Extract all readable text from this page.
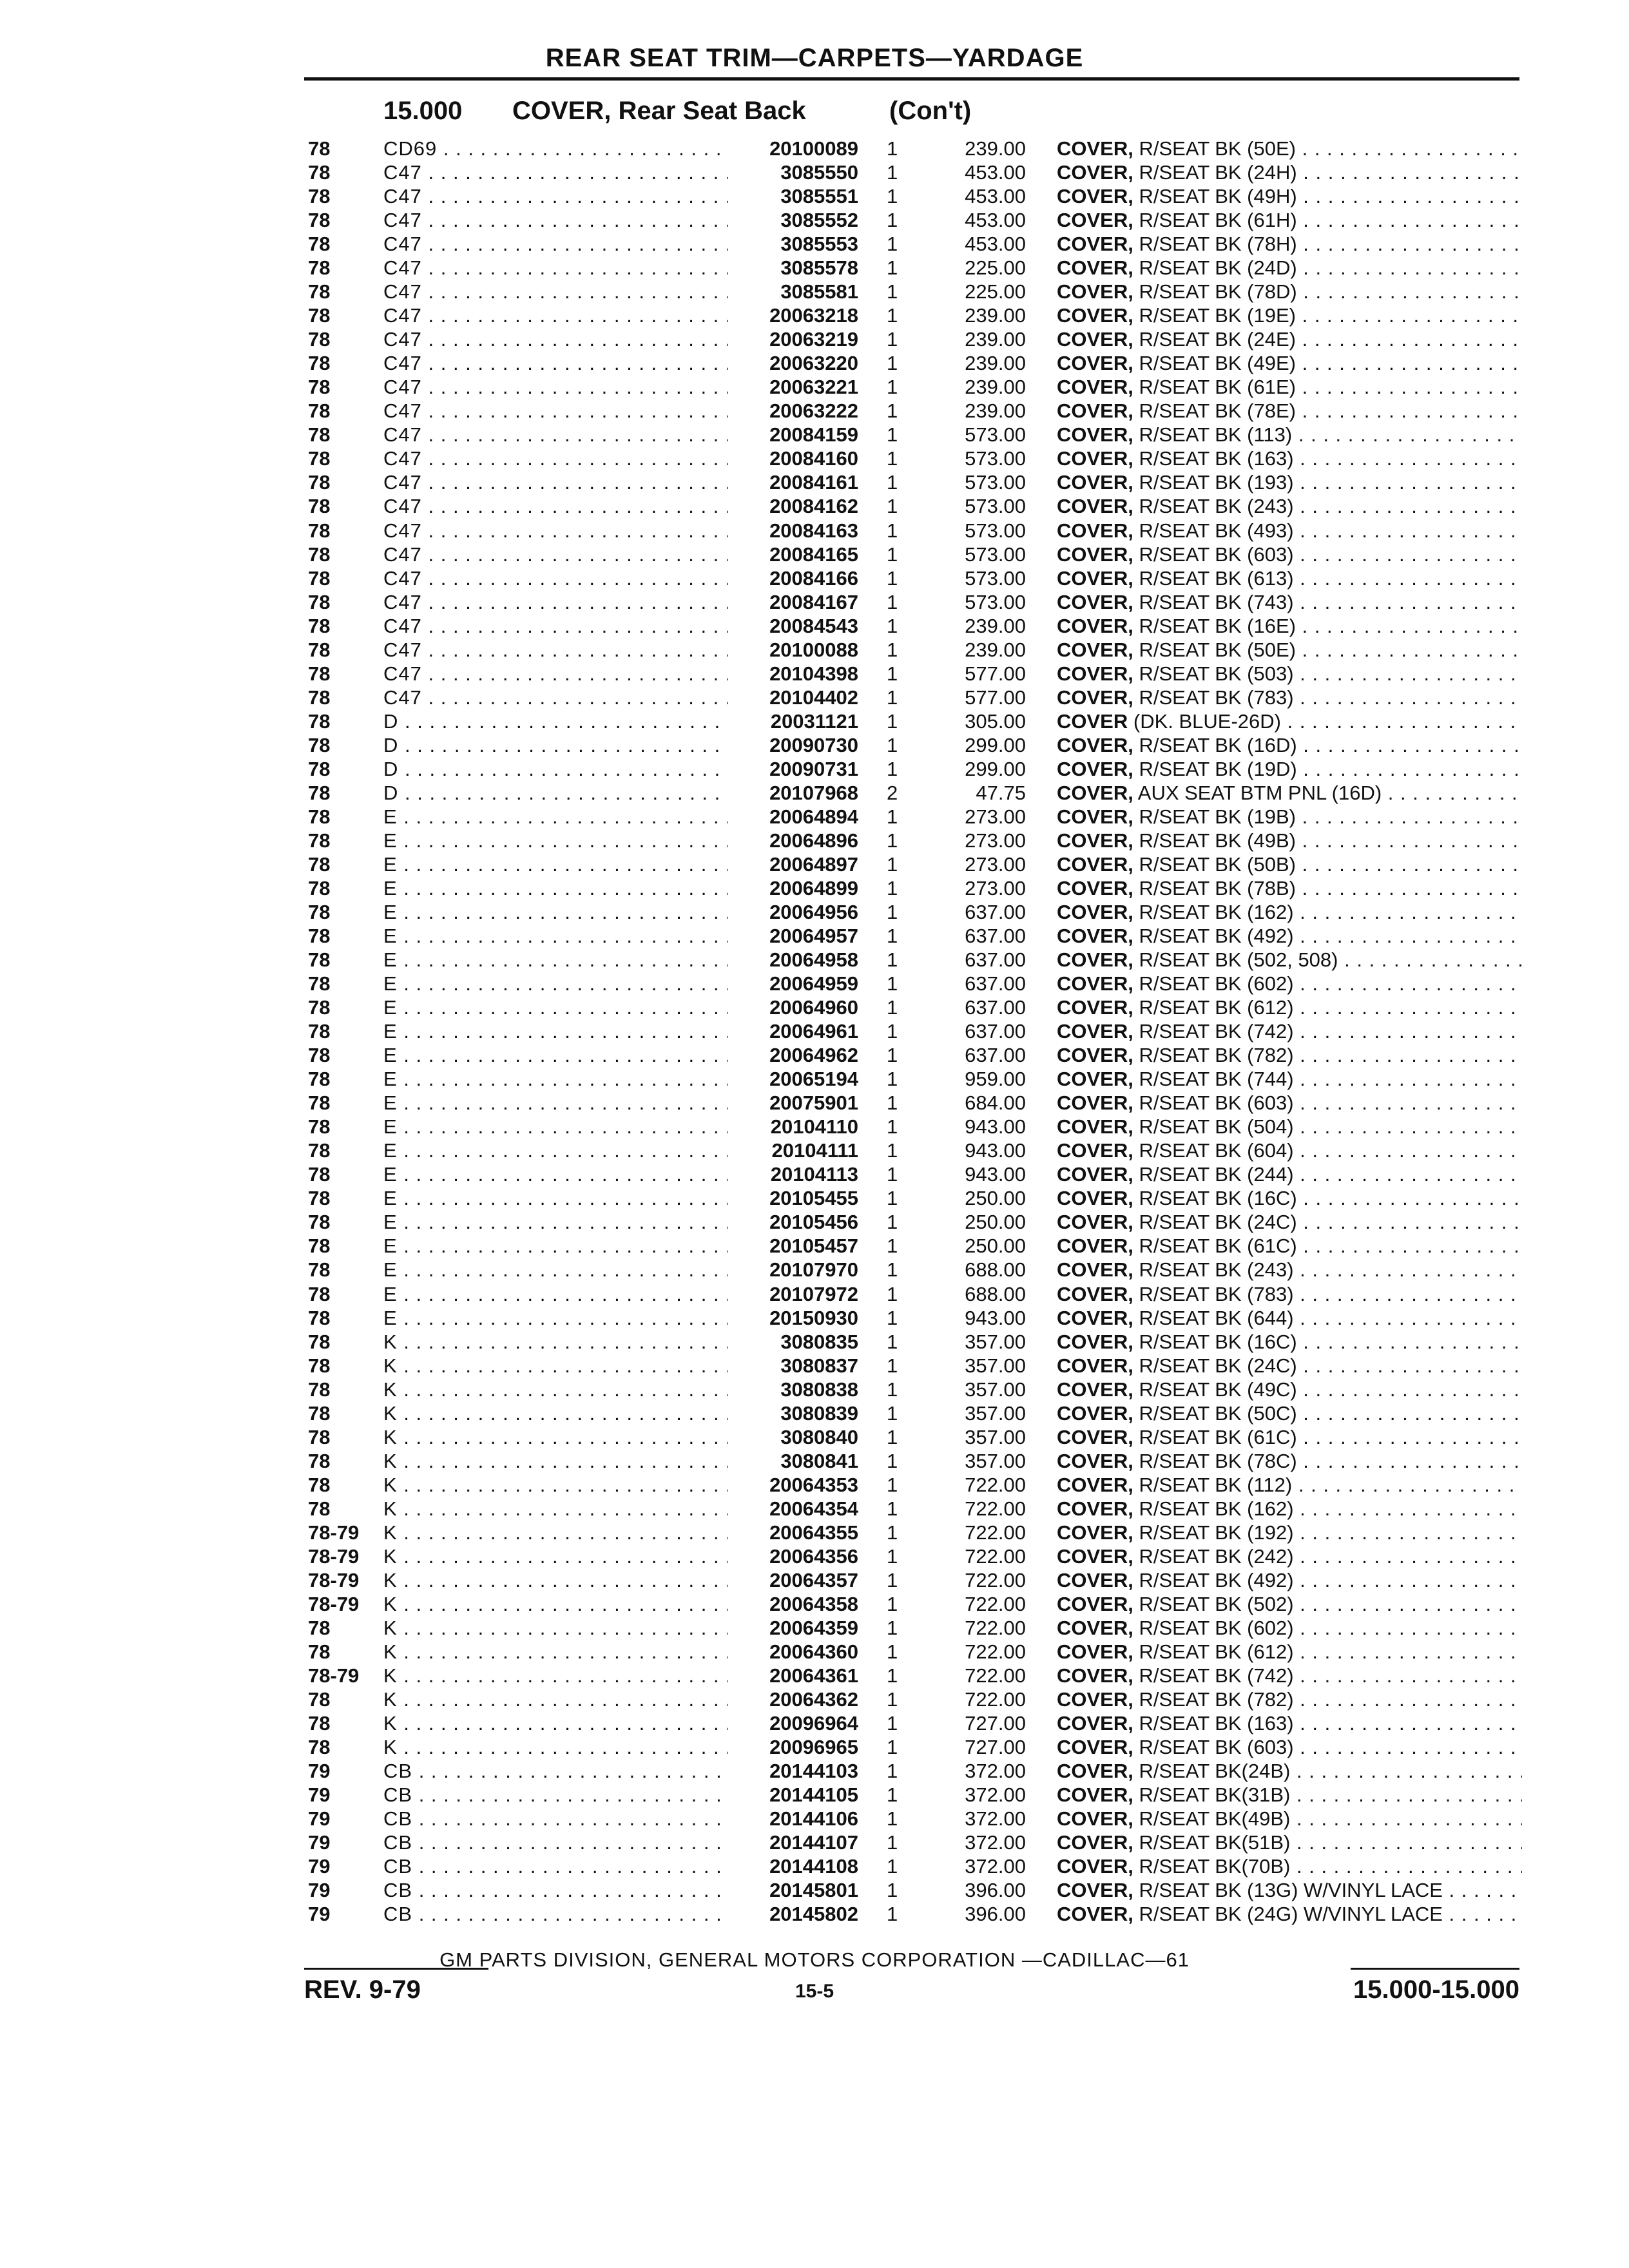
REAR SEAT TRIM—CARPETS—YARDAGE
15.000 COVER, Rear Seat Back	(Con't)
78	CD69 . . .	20100089 1	239.00 COVER, R/SEAT BK (50E) . . .
78	C47 . . .	3085550 1	453.00 COVER, R/SEAT BK (24H) . . .
78	C47 . . .	3085551 1	453.00 COVER, R/SEAT BK (49H) . . .
78	C47 . . .	3085552 1	453.00 COVER, R/SEAT BK (61H) . . .
78	C47 . . .	3085553 1	453.00 COVER, R/SEAT BK (78H) . . .
78	C47 . . .	3085578 1	225.00 COVER, R/SEAT BK (24D) . . .
78	C47 . . .	3085581 1	225.00 COVER, R/SEAT BK (78D) . . .
78	C47 . . .	20063218 1	239.00 COVER, R/SEAT BK (19E) . . .
78	C47 . . .	20063219 1	239.00 COVER, R/SEAT BK (24E) . . .
78	C47 . . .	20063220 1	239.00 COVER, R/SEAT BK (49E) . . .
78	C47 . . .	20063221 1	239.00 COVER, R/SEAT BK (61E) . . .
78	C47 . . .	20063222 1	239.00 COVER, R/SEAT BK (78E) . . .
78	C47 . . .	20084159 1	573.00 COVER, R/SEAT BK (113) . . .
78	C47 . . .	20084160 1	573.00 COVER, R/SEAT BK (163) . . .
78	C47 . . .	20084161 1	573.00 COVER, R/SEAT BK (193) . . .
78	C47 . . .	20084162 1	573.00 COVER, R/SEAT BK (243) . . .
78	C47 . . .	20084163 1	573.00 COVER, R/SEAT BK (493) . . .
78	C47 . . .	20084165 1	573.00 COVER, R/SEAT BK (603) . . .
78	C47 . . .	20084166 1	573.00 COVER, R/SEAT BK (613) . . .
78	C47 . . .	20084167 1	573.00 COVER, R/SEAT BK (743) . . .
78	C47 . . .	20084543 1	239.00 COVER, R/SEAT BK (16E) . . .
78	C47 . . .	20100088 1	239.00 COVER, R/SEAT BK (50E) . . .
78	C47 . . .	20104398 1	577.00 COVER, R/SEAT BK (503) . . .
78	C47 . . .	20104402 1	577.00 COVER, R/SEAT BK (783) . . .
78	D . . .	20031121 1	305.00 COVER (DK. BLUE-26D) . . .
78	D . . .	20090730 1	299.00 COVER, R/SEAT BK (16D) . . .
78	D . . .	20090731 1	299.00 COVER, R/SEAT BK (19D) . . .
78	D . . .	20107968 2	47.75 COVER, AUX SEAT BTM PNL (16D) . . .
78	E . . .	20064894 1	273.00 COVER, R/SEAT BK (19B) . . .
78	E . . .	20064896 1	273.00 COVER, R/SEAT BK (49B) . . .
78	E . . .	20064897 1	273.00 COVER, R/SEAT BK (50B) . . .
78	E . . .	20064899 1	273.00 COVER, R/SEAT BK (78B) . . .
78	E . . .	20064956 1	637.00 COVER, R/SEAT BK (162) . . .
78	E . . .	20064957 1	637.00 COVER, R/SEAT BK (492) . . .
78	E . . .	20064958 1	637.00 COVER, R/SEAT BK (502, 508) . . .
78	E . . .	20064959 1	637.00 COVER, R/SEAT BK (602) . . .
78	E . . .	20064960 1	637.00 COVER, R/SEAT BK (612) . . .
78	E . . .	20064961 1	637.00 COVER, R/SEAT BK (742) . . .
78	E . . .	20064962 1	637.00 COVER, R/SEAT BK (782) . . .
78	E . . .	20065194 1	959.00 COVER, R/SEAT BK (744) . . .
78	E . . .	20075901 1	684.00 COVER, R/SEAT BK (603) . . .
78	E . . .	20104110 1	943.00 COVER, R/SEAT BK (504) . . .
78	E . . .	20104111 1	943.00 COVER, R/SEAT BK (604) . . .
78	E . . .	20104113 1	943.00 COVER, R/SEAT BK (244) . . .
78	E . . .	20105455 1	250.00 COVER, R/SEAT BK (16C) . . .
78	E . . .	20105456 1	250.00 COVER, R/SEAT BK (24C) . . .
78	E . . .	20105457 1	250.00 COVER, R/SEAT BK (61C) . . .
78	E . . .	20107970 1	688.00 COVER, R/SEAT BK (243) . . .
78	E . . .	20107972 1	688.00 COVER, R/SEAT BK (783) . . .
78	E . . .	20150930 1	943.00 COVER, R/SEAT BK (644) . . .
78	K . . .	3080835 1	357.00 COVER, R/SEAT BK (16C) . . .
78	K . . .	3080837 1	357.00 COVER, R/SEAT BK (24C) . . .
78	K . . .	3080838 1	357.00 COVER, R/SEAT BK (49C) . . .
78	K . . .	3080839 1	357.00 COVER, R/SEAT BK (50C) . . .
78	K . . .	3080840 1	357.00 COVER, R/SEAT BK (61C) . . .
78	K . . .	3080841 1	357.00 COVER, R/SEAT BK (78C) . . .
78	K . . .	20064353 1	722.00 COVER, R/SEAT BK (112) . . .
78	K . . .	20064354 1	722.00 COVER, R/SEAT BK (162) . . .
78-79 K . . .	20064355 1	722.00 COVER, R/SEAT BK (192) . . .
78-79 K . . .	20064356 1	722.00 COVER, R/SEAT BK (242) . . .
78-79 K . . .	20064357 1	722.00 COVER, R/SEAT BK (492) . . .
78-79 K . . .	20064358 1	722.00 COVER, R/SEAT BK (502) . . .
78	K . . .	20064359 1	722.00 COVER, R/SEAT BK (602) . . .
78	K . . .	20064360 1	722.00 COVER, R/SEAT BK (612) . . .
78-79 K . . .	20064361 1	722.00 COVER, R/SEAT BK (742) . . .
78	K . . .	20064362 1	722.00 COVER, R/SEAT BK (782) . . .
78	K . . .	20096964 1	727.00 COVER, R/SEAT BK (163) . . .
78	K . . .	20096965 1	727.00 COVER, R/SEAT BK (603) . . .
79	CB . . .	20144103 1	372.00 COVER, R/SEAT BK(24B) . . .
79	CB . . .	20144105 1	372.00 COVER, R/SEAT BK(31B) . . .
79	CB . . .	20144106 1	372.00 COVER, R/SEAT BK(49B) . . .
79	CB . . .	20144107 1	372.00 COVER, R/SEAT BK(51B) . . .
79	CB . . .	20144108 1	372.00 COVER, R/SEAT BK(70B) . . .
79	CB . . .	20145801 1	396.00 COVER, R/SEAT BK (13G) W/VINYL LACE . . .
79	CB . . .	20145802 1	396.00 COVER, R/SEAT BK (24G) W/VINYL LACE . . .
GM PARTS DIVISION, GENERAL MOTORS CORPORATION —CADILLAC—61
REV. 9-79	15-5	15.000-15.000
